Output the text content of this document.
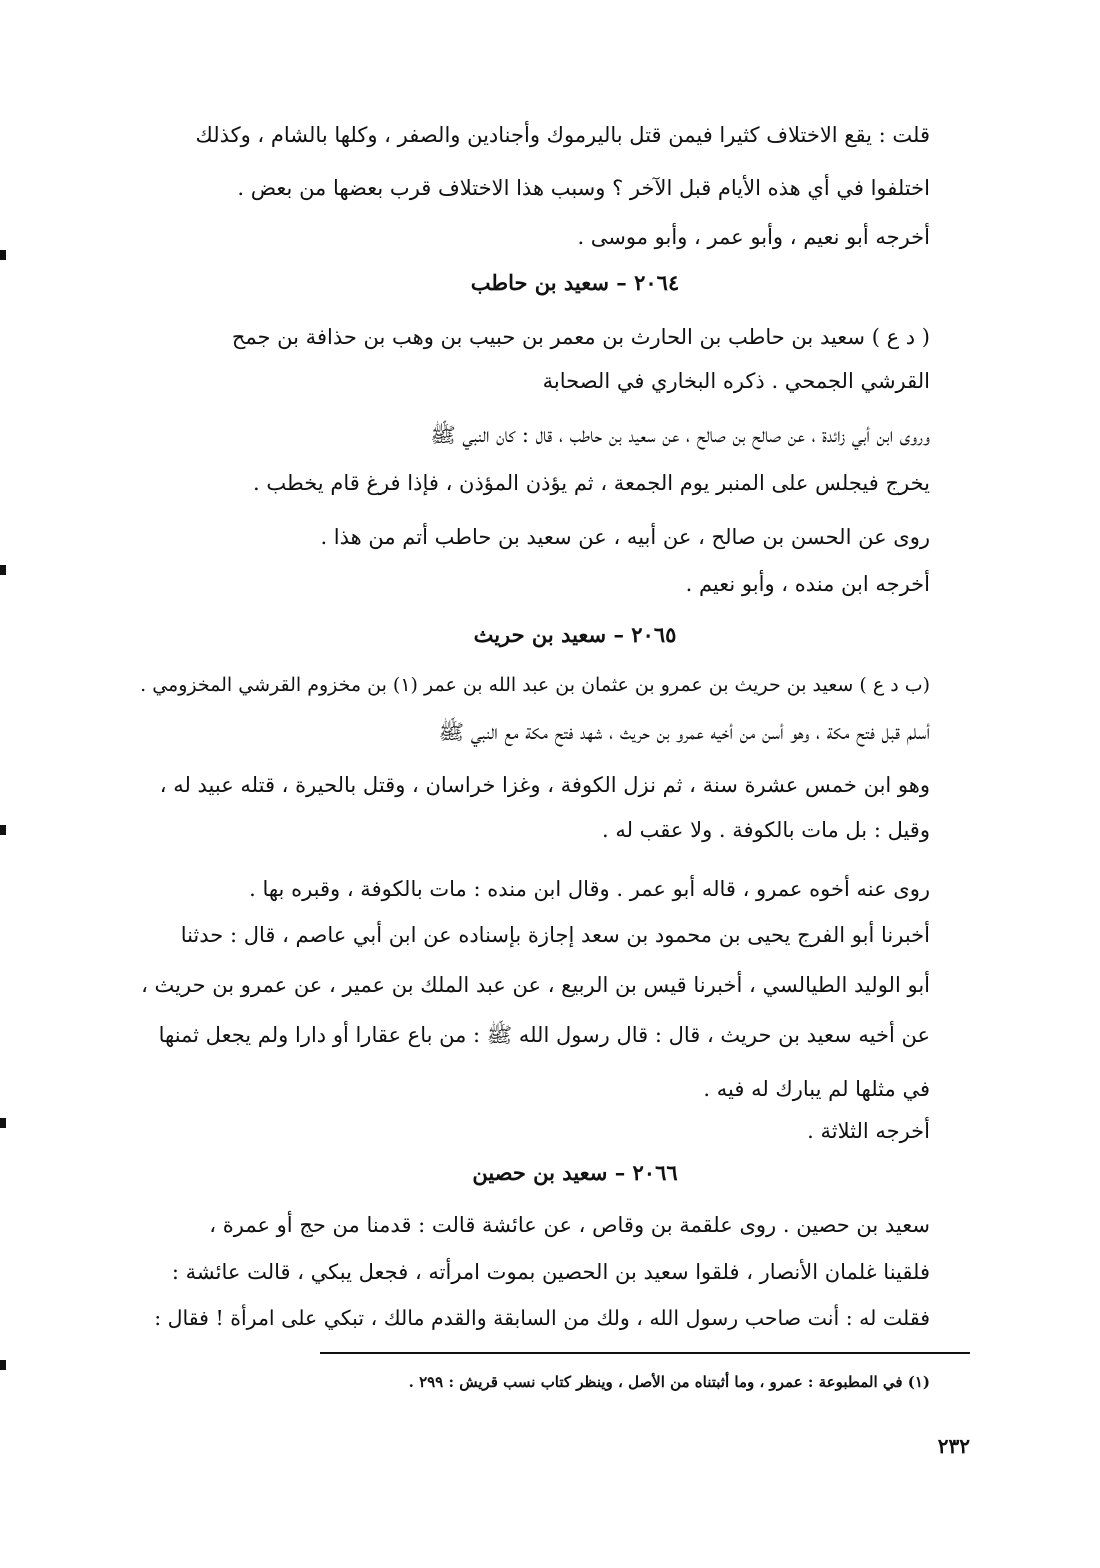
قلت : يقع الاختلاف كثيرا فيمن قتل باليرموك وأجنادين والصفر ، وكلها بالشام ، وكذلك
اختلفوا في أي هذه الأيام قبل الآخر ؟ وسبب هذا الاختلاف قرب بعضها من بعض .
أخرجه أبو نعيم ، وأبو عمر ، وأبو موسى .
٢٠٦٤ – سعيد بن حاطب
( د ع ) سعيد بن حاطب بن الحارث بن معمر بن حبيب بن وهب بن حذافة بن جمح
القرشي الجمحي . ذكره البخاري في الصحابة
وروى ابن أبي زائدة ، عن صالح بن صالح ، عن سعيد بن حاطب ، قال : كان النبي ﷺ
يخرج فيجلس على المنبر يوم الجمعة ، ثم يؤذن المؤذن ، فإذا فرغ قام يخطب .
روى عن الحسن بن صالح ، عن أبيه ، عن سعيد بن حاطب أتم من هذا .
أخرجه ابن منده ، وأبو نعيم .
٢٠٦٥ – سعيد بن حريث
(ب د ع ) سعيد بن حريث بن عمرو بن عثمان بن عبد الله بن عمر (١) بن مخزوم القرشي المخزومي .
أسلم قبل فتح مكة ، وهو أسن من أخيه عمرو بن حريث ، شهد فتح مكة مع النبي ﷺ
وهو ابن خمس عشرة سنة ، ثم نزل الكوفة ، وغزا خراسان ، وقتل بالحيرة ، قتله عبيد له ،
وقيل : بل مات بالكوفة . ولا عقب له .
روى عنه أخوه عمرو ، قاله أبو عمر . وقال ابن منده : مات بالكوفة ، وقبره بها .
أخبرنا أبو الفرج يحيى بن محمود بن سعد إجازة بإسناده عن ابن أبي عاصم ، قال : حدثنا
أبو الوليد الطيالسي ، أخبرنا قيس بن الربيع ، عن عبد الملك بن عمير ، عن عمرو بن حريث ،
عن أخيه سعيد بن حريث ، قال : قال رسول الله ﷺ : من باع عقارا أو دارا ولم يجعل ثمنها
في مثلها لم يبارك له فيه .
أخرجه الثلاثة .
٢٠٦٦ – سعيد بن حصين
سعيد بن حصين . روى علقمة بن وقاص ، عن عائشة قالت : قدمنا من حج أو عمرة ،
فلقينا غلمان الأنصار ، فلقوا سعيد بن الحصين بموت امرأته ، فجعل يبكي ، قالت عائشة :
فقلت له : أنت صاحب رسول الله ، ولك من السابقة والقدم مالك ، تبكي على امرأة ! فقال :
(١) في المطبوعة : عمرو ، وما أثبتناه من الأصل ، وينظر كتاب نسب قريش : ٢٩٩ .
٢٣٢
